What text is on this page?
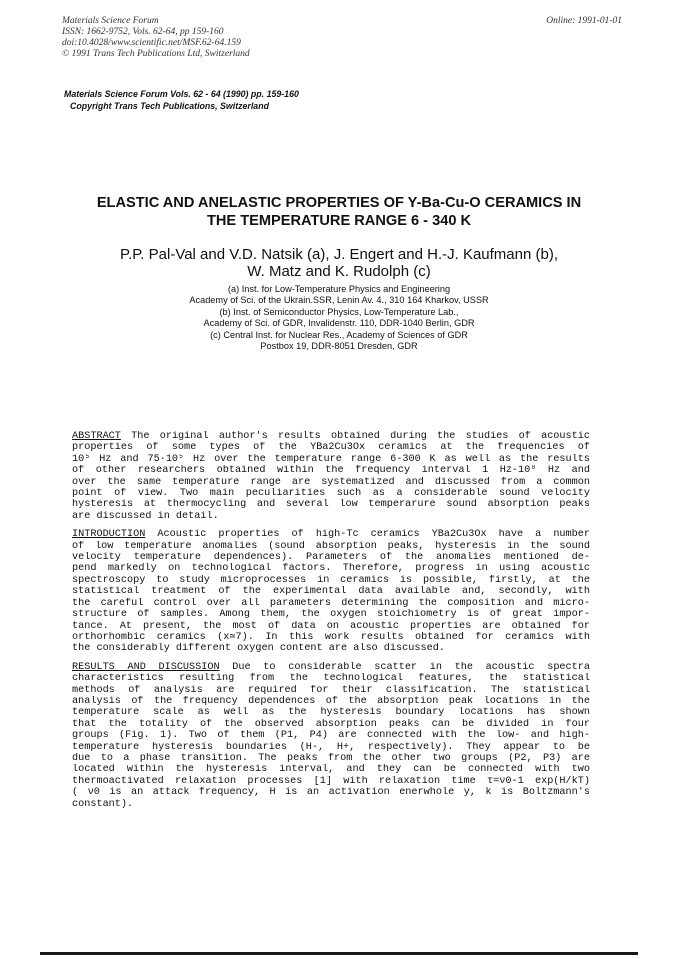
Materials Science Forum
ISSN: 1662-9752, Vols. 62-64, pp 159-160
doi:10.4028/www.scientific.net/MSF.62-64.159
© 1991 Trans Tech Publications Ltd, Switzerland
Online: 1991-01-01
Materials Science Forum Vols. 62 - 64 (1990) pp. 159-160
Copyright Trans Tech Publications, Switzerland
ELASTIC AND ANELASTIC PROPERTIES OF Y-Ba-Cu-O CERAMICS IN
THE TEMPERATURE RANGE 6 - 340 K
P.P. Pal-Val and V.D. Natsik (a), J. Engert and H.-J. Kaufmann (b),
W. Matz and K. Rudolph (c)
(a) Inst. for Low-Temperature Physics and Engineering
Academy of Sci. of the Ukrain.SSR, Lenin Av. 4., 310 164 Kharkov, USSR
(b) Inst. of Semiconductor Physics, Low-Temperature Lab.,
Academy of Sci. of GDR, Invalidenstr. 110, DDR-1040 Berlin, GDR
(c) Central Inst. for Nuclear Res., Academy of Sciences of GDR
Postbox 19, DDR-8051 Dresden, GDR
ABSTRACT The original author's results obtained during the studies of acoustic
properties of some types of the YBa2Cu3Ox ceramics at the frequencies of
10⁵ Hz and 75·10⁵ Hz over the temperature range 6-300 K as well as the results
of other researchers obtained within the frequency interval 1 Hz-10⁸ Hz and
over the same temperature range are systematized and discussed from a common
point of view. Two main peculiarities such as a considerable sound velocity
hysteresis at thermocycling and several low temperarure sound absorption peaks
are discussed in detail.
INTRODUCTION Acoustic properties of high-Tc ceramics YBa2Cu3Ox have a number
of low temperature anomalies (sound absorption peaks, hysteresis in the sound
velocity temperature dependences). Parameters of the anomalies mentioned de-
pend markedly on technological factors. Therefore, progress in using acoustic
spectroscopy to study microprocesses in ceramics is possible, firstly, at the
statistical treatment of the experimental data available and, secondly, with
the careful control over all parameters determining the composition and micro-
structure of samples. Among them, the oxygen stoichiometry is of great impor-
tance. At present, the most of data on acoustic properties are obtained for
orthorhombic ceramics (x≃7). In this work results obtained for ceramics with
the considerably different oxygen content are also discussed.
RESULTS AND DISCUSSION Due to considerable scatter in the acoustic spectra
characteristics resulting from the technological features, the statistical
methods of analysis are required for their classification. The statistical
analysis of the frequency dependences of the absorption peak locations in the
temperature scale as well as the hysteresis boundary locations has shown
that the totality of the observed absorption peaks can be divided in four
groups (Fig. 1). Two of them (P1, P4) are connected with the low- and high-
temperature hysteresis boundaries (H-, H+, respectively). They appear to be
due to a phase transition. The peaks from the other two groups (P2, P3) are
located within the hysteresis interval, and they can be connected with two
thermoactivated relaxation processes [1] with relaxation time τ=ν0-1 exp(H/kT)
( ν0 is an attack frequency, H is an activation enerwhole y, k is Boltzmann's
constant).
